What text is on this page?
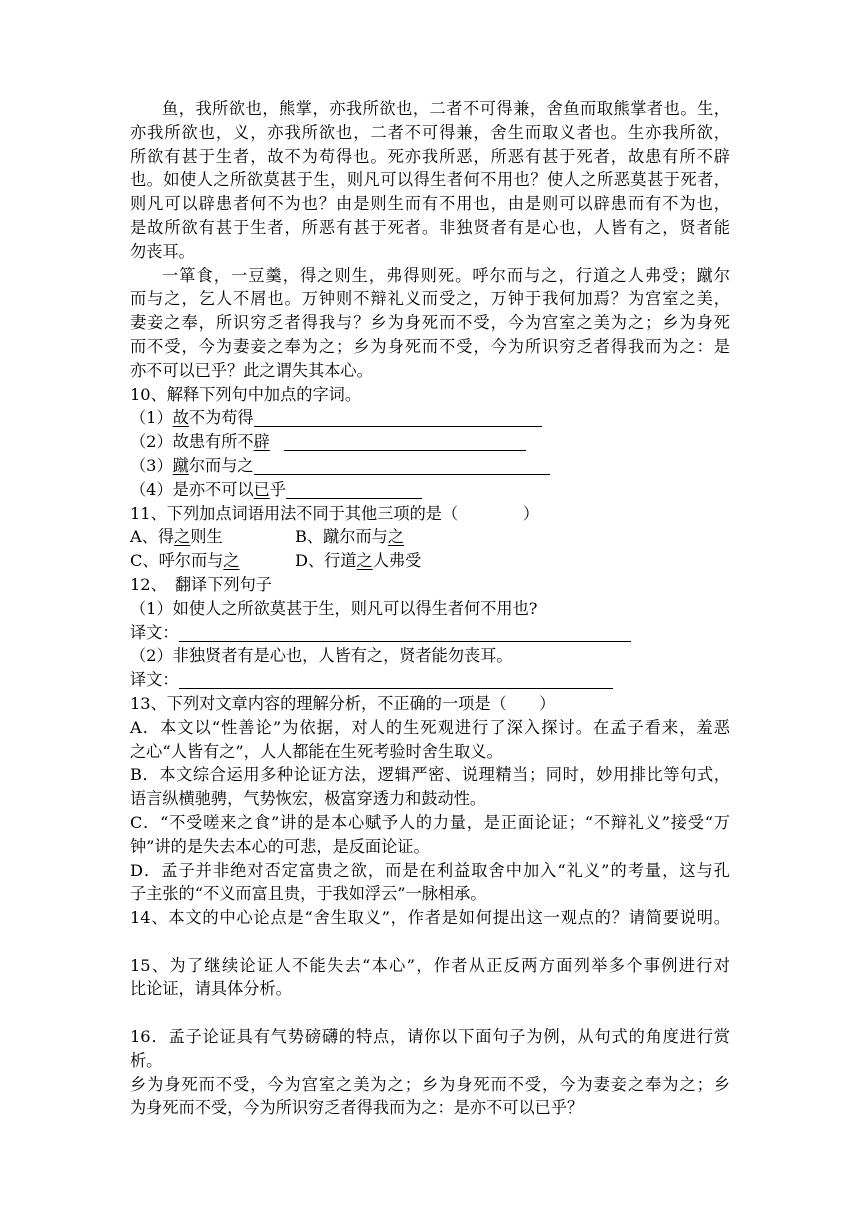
鱼，我所欲也，熊掌，亦我所欲也，二者不可得兼，舍鱼而取熊掌者也。生，
亦我所欲也，义，亦我所欲也，二者不可得兼，舍生而取义者也。生亦我所欲，
所欲有甚于生者，故不为苟得也。死亦我所恶，所恶有甚于死者，故患有所不辟
也。如使人之所欲莫甚于生，则凡可以得生者何不用也？使人之所恶莫甚于死者，
则凡可以辟患者何不为也？由是则生而有不用也，由是则可以辟患而有不为也，
是故所欲有甚于生者，所恶有甚于死者。非独贤者有是心也，人皆有之，贤者能
勿丧耳。
一箪食，一豆羹，得之则生，弗得则死。呼尔而与之，行道之人弗受；蹴尔
而与之，乞人不屑也。万钟则不辩礼义而受之，万钟于我何加焉？为宫室之美，
妻妾之奉，所识穷乏者得我与？乡为身死而不受，今为宫室之美为之；乡为身死
而不受，今为妻妾之奉为之；乡为身死而不受，今为所识穷乏者得我而为之：是
亦不可以已乎？此之谓失其本心。
10、解释下列句中加点的字词。
（1）故不为苟得
（2）故患有所不辟
（3）蹴尔而与之
（4）是亦不可以已乎
11、下列加点词语用法不同于其他三项的是（　　　　）
A、得之则生	B、蹴尔而与之
C、呼尔而与之	D、行道之人弗受
12、　翻译下列句子
（1）如使人之所欲莫甚于生，则凡可以得生者何不用也?
译文：
（2）非独贤者有是心也，人皆有之，贤者能勿丧耳。
译文：
13、下列对文章内容的理解分析，不正确的一项是（　　）
A．本文以“性善论”为依据，对人的生死观进行了深入探讨。在孟子看来，羞恶
之心“人皆有之”，人人都能在生死考验时舍生取义。
B．本文综合运用多种论证方法，逻辑严密、说理精当；同时，妙用排比等句式，
语言纵横驰骋，气势恢宏，极富穿透力和鼓动性。
C．“不受嗟来之食”讲的是本心赋予人的力量，是正面论证；“不辩礼义”接受“万
钟”讲的是失去本心的可悲，是反面论证。
D．孟子并非绝对否定富贵之欲，而是在利益取舍中加入“礼义”的考量，这与孔
子主张的“不义而富且贵，于我如浮云”一脉相承。
14、本文的中心论点是“舍生取义”，作者是如何提出这一观点的？请简要说明。
15、为了继续论证人不能失去“本心”，作者从正反两方面列举多个事例进行对
比论证，请具体分析。
16．孟子论证具有气势磅礴的特点，请你以下面句子为例，从句式的角度进行赏
析。
乡为身死而不受，今为宫室之美为之；乡为身死而不受，今为妻妾之奉为之；乡
为身死而不受，今为所识穷乏者得我而为之：是亦不可以已乎？
